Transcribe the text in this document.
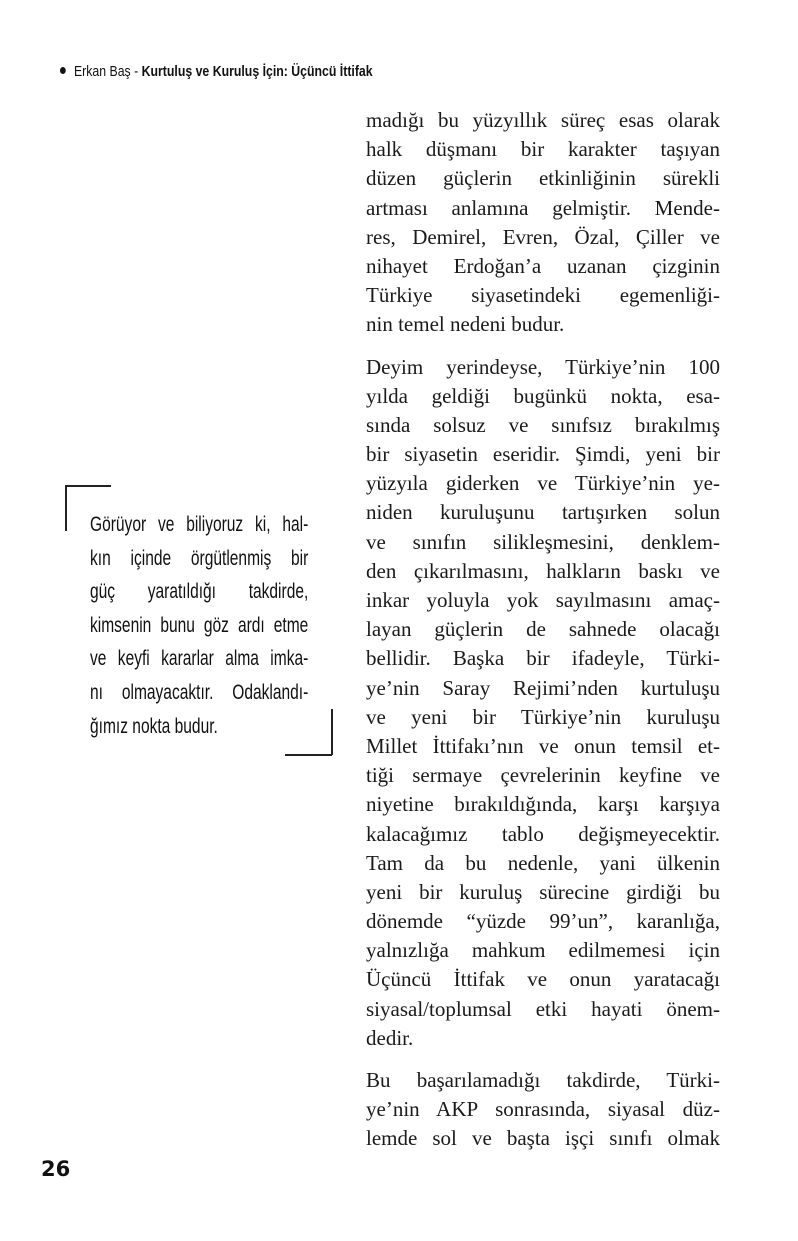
Erkan Baş - Kurtuluş ve Kuruluş İçin: Üçüncü İttifak
Görüyor ve biliyoruz ki, hal-
kın içinde örgütlenmiş bir
güç yaratıldığı takdirde,
kimsenin bunu göz ardı etme
ve keyfi kararlar alma imka-
nı olmayacaktır. Odaklandı-
ğımız nokta budur.

madığı bu yüzyıllık süreç esas olarak
halk düşmanı bir karakter taşıyan
düzen güçlerin etkinliğinin sürekli
artması anlamına gelmiştir. Mende-
res, Demirel, Evren, Özal, Çiller ve
nihayet Erdoğan’a uzanan çizginin
Türkiye siyasetindeki egemenliği-
nin temel nedeni budur.

Deyim yerindeyse, Türkiye’nin 100
yılda geldiği bugünkü nokta, esa-
sında solsuz ve sınıfsız bırakılmış
bir siyasetin eseridir. Şimdi, yeni bir
yüzyıla giderken ve Türkiye’nin ye-
niden kuruluşunu tartışırken solun
ve sınıfın silikleşmesini, denklem-
den çıkarılmasını, halkların baskı ve
inkar yoluyla yok sayılmasını amaç-
layan güçlerin de sahnede olacağı
bellidir. Başka bir ifadeyle, Türki-
ye’nin Saray Rejimi’nden kurtuluşu
ve yeni bir Türkiye’nin kuruluşu
Millet İttifakı’nın ve onun temsil et-
tiği sermaye çevrelerinin keyfine ve
niyetine bırakıldığında, karşı karşıya
kalacağımız tablo değişmeyecektir.
Tam da bu nedenle, yani ülkenin
yeni bir kuruluş sürecine girdiği bu
dönemde “yüzde 99’un”, karanlığa,
yalnızlığa mahkum edilmemesi için
Üçüncü İttifak ve onun yaratacağı
siyasal/toplumsal etki hayati önem-
dedir.

Bu başarılamadığı takdirde, Türki-
ye’nin AKP sonrasında, siyasal düz-
lemde sol ve başta işçi sınıfı olmak

26
